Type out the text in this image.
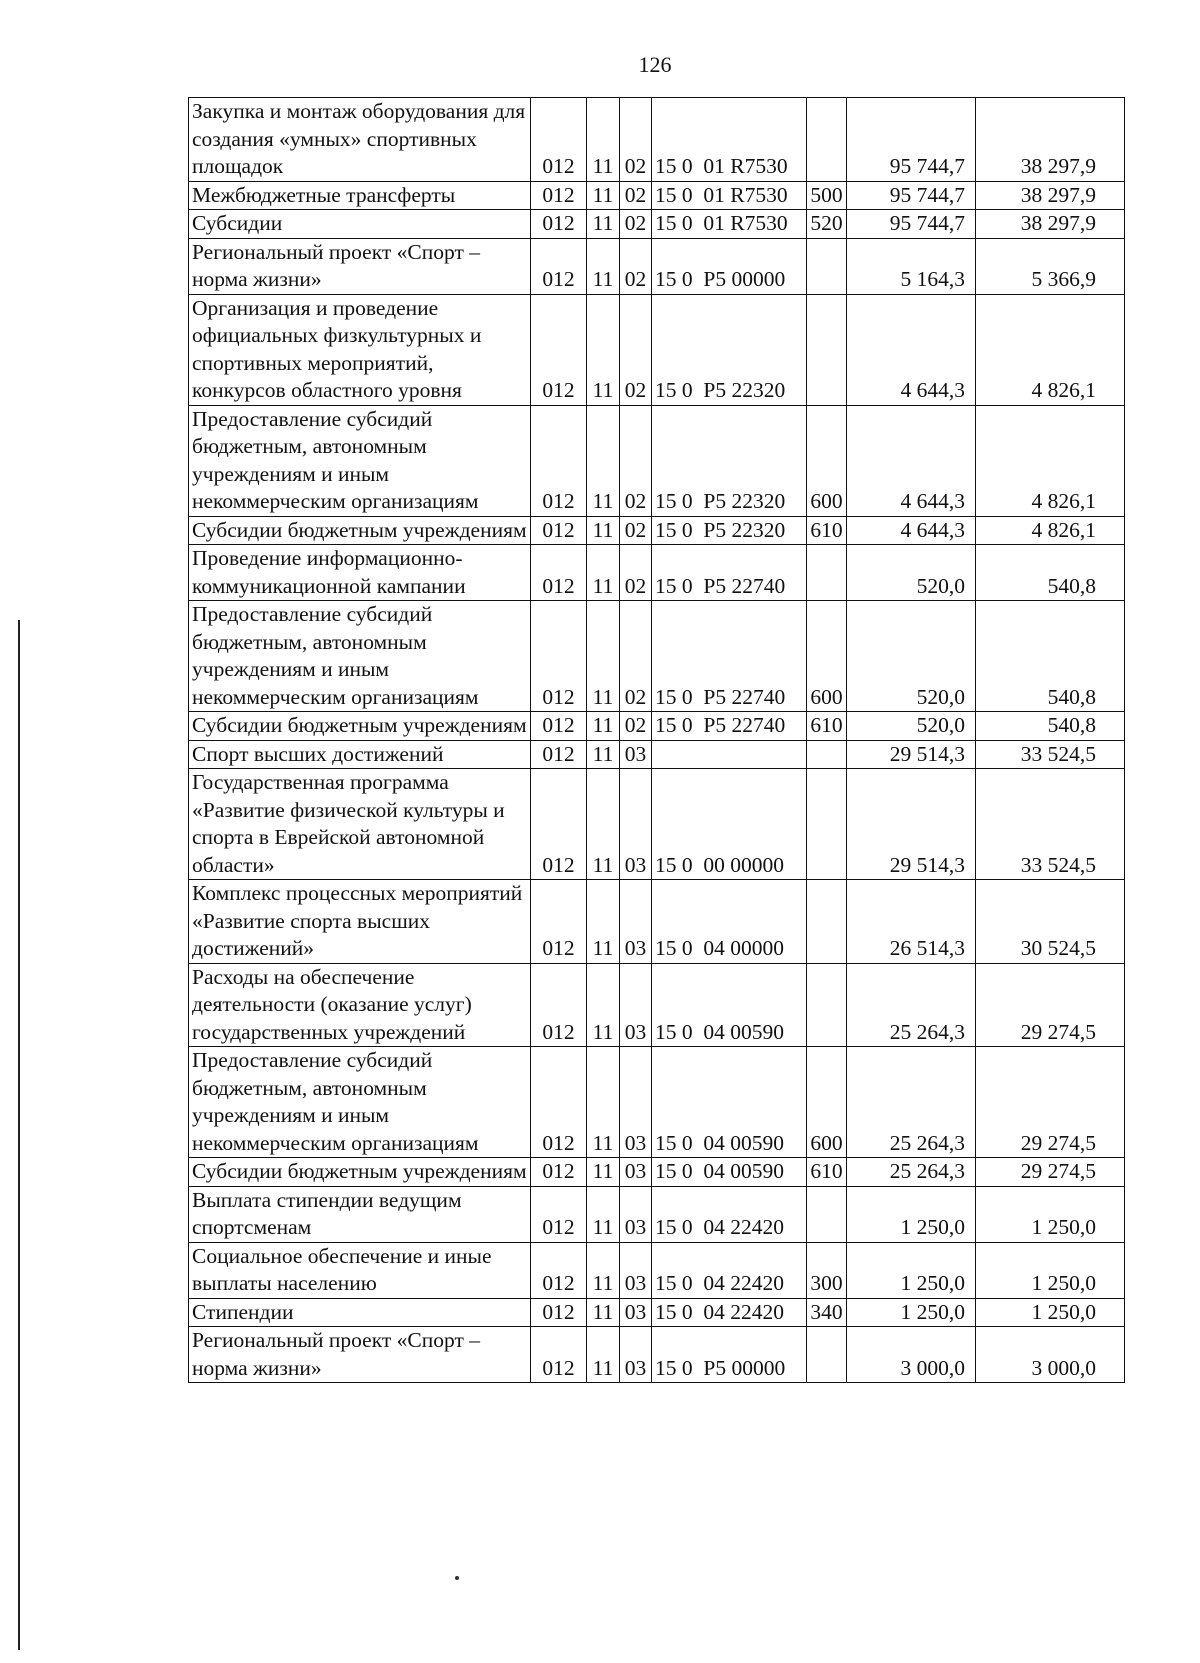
126
Закупка и монтаж оборудования для создания «умных» спортивных площадок	012	11	02	15 0  01 R7530		95 744,7	38 297,9
Межбюджетные трансферты	012	11	02	15 0  01 R7530	500	95 744,7	38 297,9
Субсидии	012	11	02	15 0  01 R7530	520	95 744,7	38 297,9
Региональный проект «Спорт – норма жизни»	012	11	02	15 0  P5 00000		5 164,3	5 366,9
Организация и проведение официальных физкультурных и спортивных мероприятий, конкурсов областного уровня	012	11	02	15 0  P5 22320		4 644,3	4 826,1
Предоставление субсидий бюджетным, автономным учреждениям и иным некоммерческим организациям	012	11	02	15 0  P5 22320	600	4 644,3	4 826,1
Субсидии бюджетным учреждениям	012	11	02	15 0  P5 22320	610	4 644,3	4 826,1
Проведение информационно-коммуникационной кампании	012	11	02	15 0  P5 22740		520,0	540,8
Предоставление субсидий бюджетным, автономным учреждениям и иным некоммерческим организациям	012	11	02	15 0  P5 22740	600	520,0	540,8
Субсидии бюджетным учреждениям	012	11	02	15 0  P5 22740	610	520,0	540,8
Спорт высших достижений	012	11	03			29 514,3	33 524,5
Государственная программа «Развитие физической культуры и спорта в Еврейской автономной области»	012	11	03	15 0  00 00000		29 514,3	33 524,5
Комплекс процессных мероприятий «Развитие спорта высших достижений»	012	11	03	15 0  04 00000		26 514,3	30 524,5
Расходы на обеспечение деятельности (оказание услуг) государственных учреждений	012	11	03	15 0  04 00590		25 264,3	29 274,5
Предоставление субсидий бюджетным, автономным учреждениям и иным некоммерческим организациям	012	11	03	15 0  04 00590	600	25 264,3	29 274,5
Субсидии бюджетным учреждениям	012	11	03	15 0  04 00590	610	25 264,3	29 274,5
Выплата стипендии ведущим спортсменам	012	11	03	15 0  04 22420		1 250,0	1 250,0
Социальное обеспечение и иные выплаты населению	012	11	03	15 0  04 22420	300	1 250,0	1 250,0
Стипендии	012	11	03	15 0  04 22420	340	1 250,0	1 250,0
Региональный проект «Спорт – норма жизни»	012	11	03	15 0  P5 00000		3 000,0	3 000,0
